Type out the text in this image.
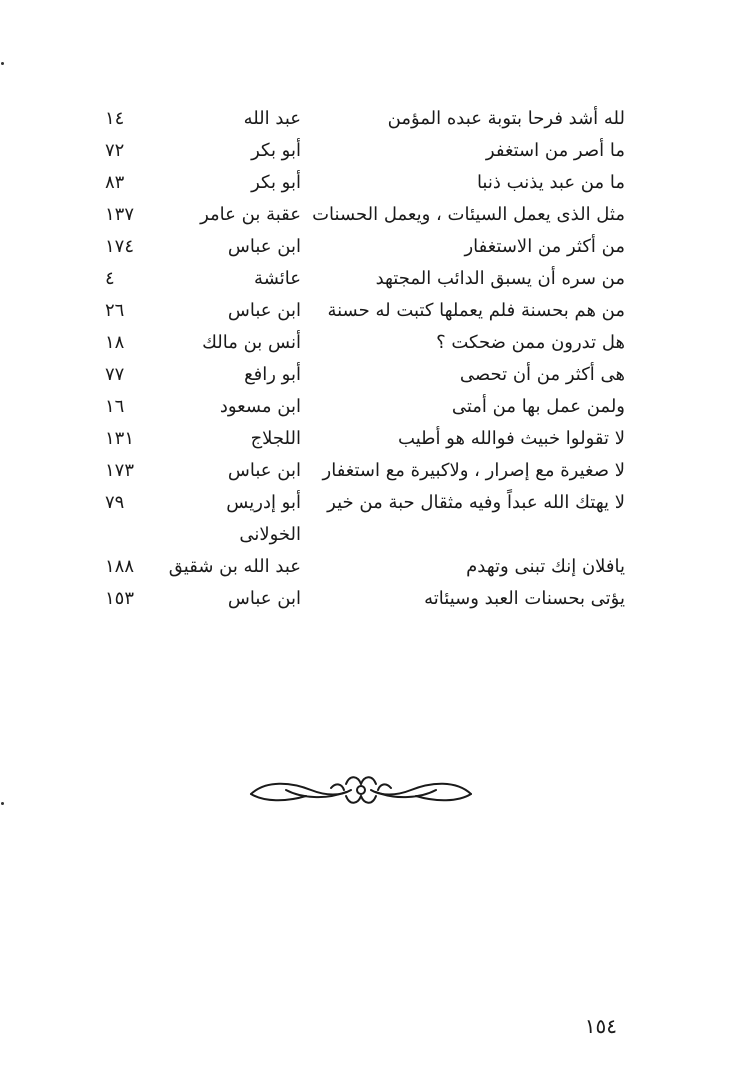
لله أشد فرحا بتوبة عبده المؤمن
عبد الله
١٤
ما أصر من استغفر
أبو بكر
٧٢
ما من عبد يذنب ذنبا
أبو بكر
٨٣
مثل الذى يعمل السيئات ، ويعمل الحسنات
عقبة بن عامر
١٣٧
من أكثر من الاستغفار
ابن عباس
١٧٤
من سره أن يسبق الدائب المجتهد
عائشة
٤
من هم بحسنة فلم يعملها كتبت له حسنة
ابن عباس
٢٦
هل تدرون ممن ضحكت ؟
أنس بن مالك
١٨
هى أكثر من أن تحصى
أبو رافع
٧٧
ولمن عمل بها من أمتى
ابن مسعود
١٦
لا تقولوا خبيث فوالله هو أطيب
اللجلاج
١٣١
لا صغيرة مع إصرار ، ولاكبيرة مع استغفار
ابن عباس
١٧٣
لا يهتك الله عبداً وفيه مثقال حبة من خير
أبو إدريس الخولانى
٧٩
يافلان إنك تبنى وتهدم
عبد الله بن شقيق
١٨٨
يؤتى بحسنات العبد وسيئاته
ابن عباس
١٥٣
١٥٤
